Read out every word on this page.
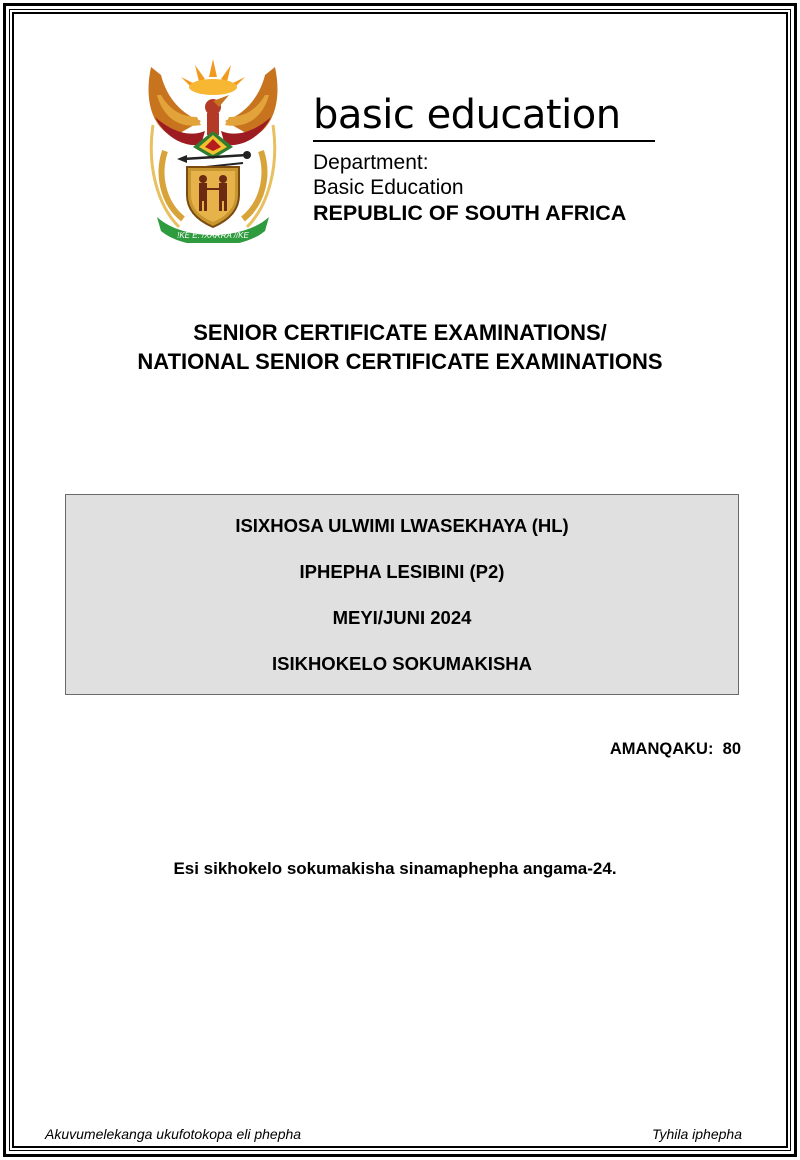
!KE E: /XARRA //KE
basic education
Department:
Basic Education
REPUBLIC OF SOUTH AFRICA
SENIOR CERTIFICATE EXAMINATIONS/
NATIONAL SENIOR CERTIFICATE EXAMINATIONS
ISIXHOSA ULWIMI LWASEKHAYA (HL)
IPHEPHA LESIBINI (P2)
MEYI/JUNI 2024
ISIKHOKELO SOKUMAKISHA
AMANQAKU: 80
Esi sikhokelo sokumakisha sinamaphepha angama-24.
Akuvumelekanga ukufotokopa eli phepha	Tyhila iphepha
